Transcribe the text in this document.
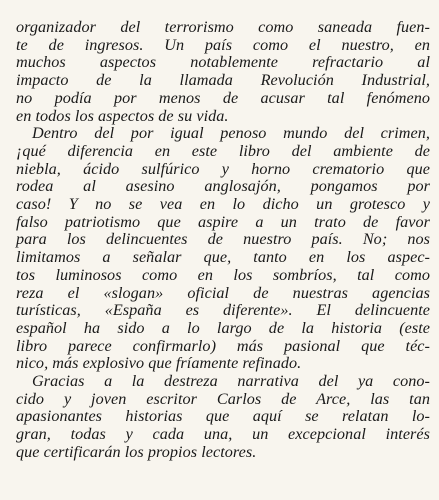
organizador del terrorismo como saneada fuen-
te de ingresos. Un país como el nuestro, en
muchos aspectos notablemente refractario al
impacto de la llamada Revolución Industrial,
no podía por menos de acusar tal fenómeno
en todos los aspectos de su vida.
Dentro del por igual penoso mundo del crimen,
¡qué diferencia en este libro del ambiente de
niebla, ácido sulfúrico y horno crematorio que
rodea al asesino anglosajón, pongamos por
caso! Y no se vea en lo dicho un grotesco y
falso patriotismo que aspire a un trato de favor
para los delincuentes de nuestro país. No; nos
limitamos a señalar que, tanto en los aspec-
tos luminosos como en los sombríos, tal como
reza el «slogan» oficial de nuestras agencias
turísticas, «España es diferente». El delincuente
español ha sido a lo largo de la historia (este
libro parece confirmarlo) más pasional que téc-
nico, más explosivo que fríamente refinado.
Gracias a la destreza narrativa del ya cono-
cido y joven escritor Carlos de Arce, las tan
apasionantes historias que aquí se relatan lo-
gran, todas y cada una, un excepcional interés
que certificarán los propios lectores.
